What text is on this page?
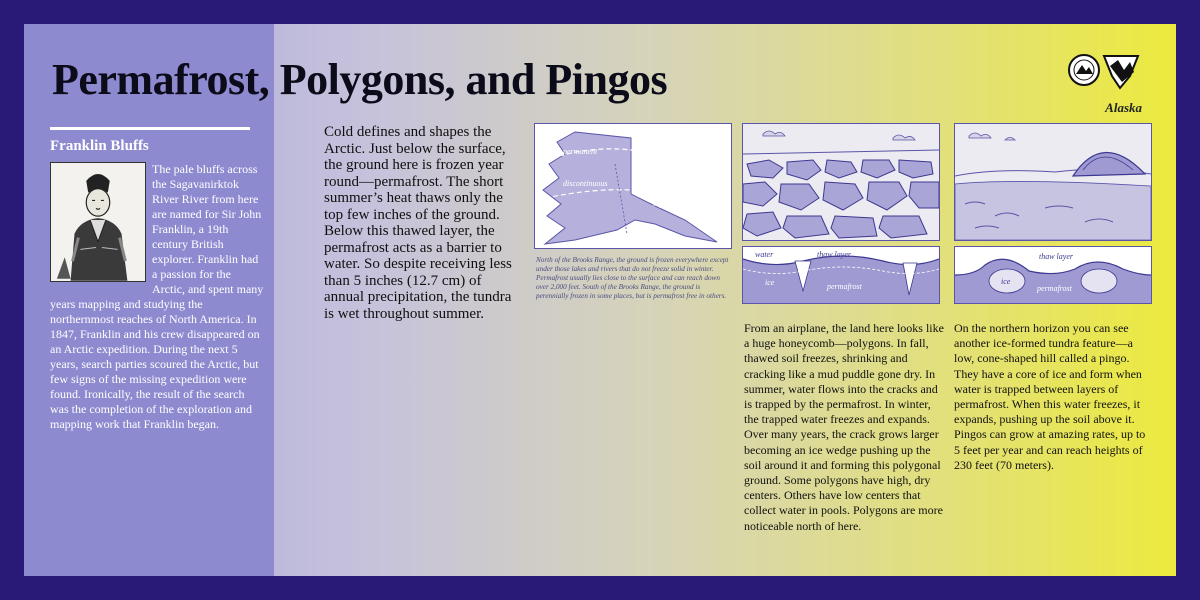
Permafrost, Polygons, and Pingos
Alaska
Franklin Bluffs
The pale bluffs across the Sagavanirktok River River from here are named for Sir John Franklin, a 19th century British explorer. Franklin had a passion for the Arctic, and spent many years mapping and studying the northernmost reaches of North America. In 1847, Franklin and his crew disappeared on an Arctic expedition. During the next 5 years, search parties scoured the Arctic, but few signs of the missing expedition were found. Ironically, the result of the search was the completion of the exploration and mapping work that Franklin began.

Cold defines and shapes the Arctic. Just below the surface, the ground here is frozen year round—permafrost. The short summer’s heat thaws only the top few inches of the ground. Below this thawed layer, the permafrost acts as a barrier to water. So despite receiving less than 5 inches (12.7 cm) of annual precipitation, the tundra is wet throughout summer.

permanent
discontinuous
infrequent

North of the Brooks Range, the ground is frozen everywhere except under those lakes and rivers that do not freeze solid in winter. Permafrost usually lies close to the surface and can reach down over 2,000 feet. South of the Brooks Range, the ground is perennially frozen in some places, but is permafrost free in others.

water	thaw layer
ice	permafrost
thaw layer
ice
permafrost

From an airplane, the land here looks like a huge honeycomb—polygons. In fall, thawed soil freezes, shrinking and cracking like a mud puddle gone dry. In summer, water flows into the cracks and is trapped by the permafrost. In winter, the trapped water freezes and expands. Over many years, the crack grows larger becoming an ice wedge pushing up the soil around it and forming this polygonal ground. Some polygons have high, dry centers. Others have low centers that collect water in pools. Polygons are more noticeable north of here.

On the northern horizon you can see another ice-formed tundra feature—a low, cone-shaped hill called a pingo. They have a core of ice and form when water is trapped between layers of permafrost. When this water freezes, it expands, pushing up the soil above it. Pingos can grow at amazing rates, up to 5 feet per year and can reach heights of 230 feet (70 meters).
